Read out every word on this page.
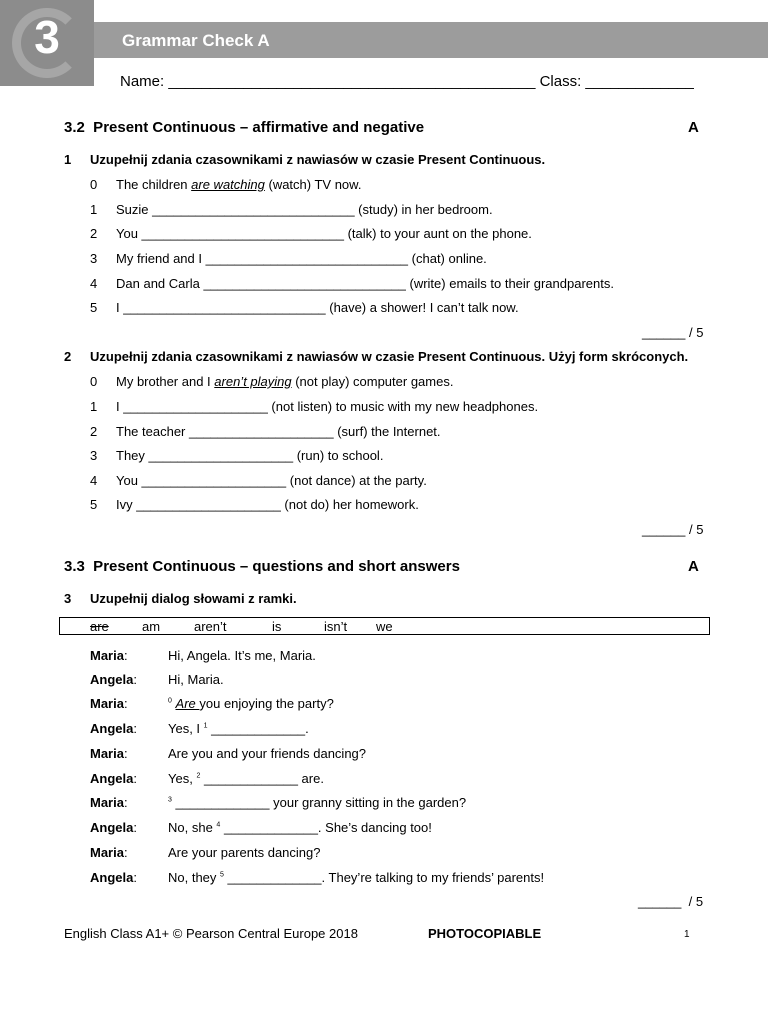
3	Grammar Check A
Name: ____________________________________________ Class: _____________
3.2  Present Continuous – affirmative and negative	A
1 Uzupełnij zdania czasownikami z nawiasów w czasie Present Continuous.
0 The children are watching (watch) TV now.
1 Suzie ____________________________ (study) in her bedroom.
2 You ____________________________ (talk) to your aunt on the phone.
3 My friend and I ____________________________ (chat) online.
4 Dan and Carla ____________________________ (write) emails to their grandparents.
5 I ____________________________ (have) a shower! I can’t talk now.
______ / 5
2 Uzupełnij zdania czasownikami z nawiasów w czasie Present Continuous. Użyj form skróconych.
0 My brother and I aren’t playing (not play) computer games.
1 I ____________________ (not listen) to music with my new headphones.
2 The teacher ____________________ (surf) the Internet.
3 They ____________________ (run) to school.
4 You ____________________ (not dance) at the party.
5 Ivy ____________________ (not do) her homework.
______ / 5
3.3  Present Continuous – questions and short answers	A
3 Uzupełnij dialog słowami z ramki.
are	am	aren’t	is	isn’t we
Maria:	Hi, Angela. It’s me, Maria.
Angela: Hi, Maria.
Maria:	$^0$ Are you enjoying the party?
Angela: Yes, I $^1$ _____________.
Maria:	Are you and your friends dancing?
Angela: Yes, $^2$ _____________ are.
Maria:	$^3$ _____________ your granny sitting in the garden?
Angela: No, she $^4$ _____________. She’s dancing too!
Maria:	Are your parents dancing?
Angela: No, they $^5$ _____________. They’re talking to my friends’ parents!
______  / 5
English Class A1+ © Pearson Central Europe 2018	PHOTOCOPIABLE	1
